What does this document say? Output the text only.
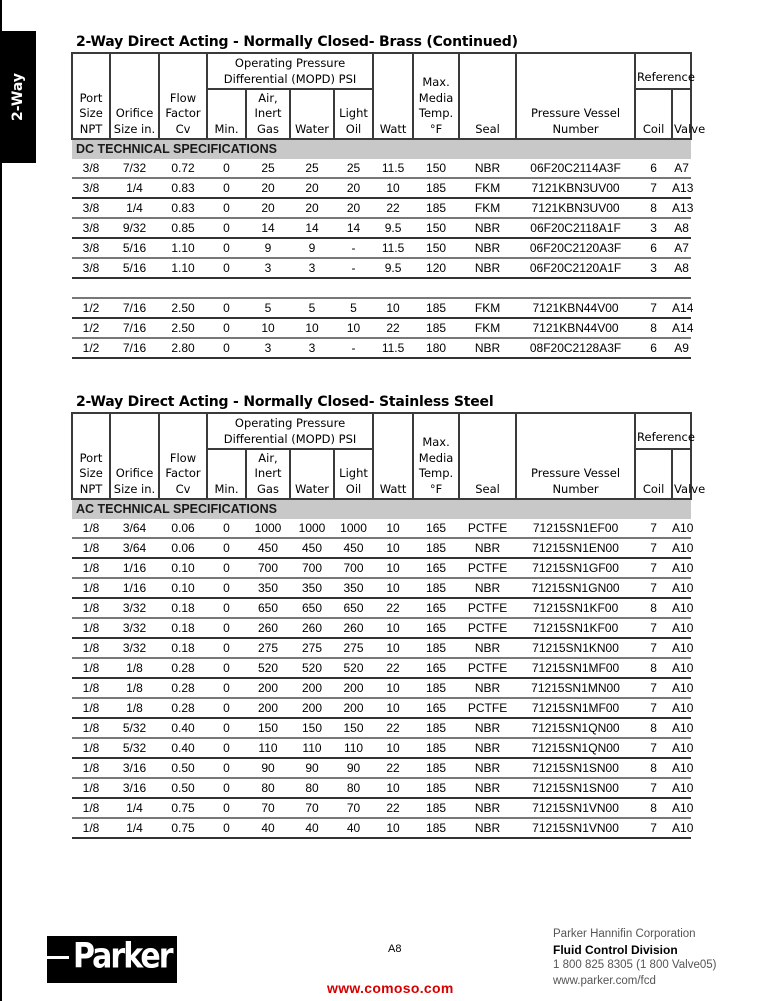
2-Way
2-Way Direct Acting - Normally Closed- Brass (Continued)
Port Size NPT	Orifice Size in.	Flow Factor Cv	Operating Pressure Differential (MOPD) PSI				Watt	Max. Media Temp. °F	Seal	Pressure Vessel Number	Reference	
			Min.	Air, Inert Gas	Water	Light Oil					Coil	Valve
DC TECHNICAL SPECIFICATIONS												
3/8	7/32	0.72	0	25	25	25	11.5	150	NBR	06F20C2114A3F	6	A7
3/8	1/4	0.83	0	20	20	20	10	185	FKM	7121KBN3UV00	7	A13
3/8	1/4	0.83	0	20	20	20	22	185	FKM	7121KBN3UV00	8	A13
3/8	9/32	0.85	0	14	14	14	9.5	150	NBR	06F20C2118A1F	3	A8
3/8	5/16	1.10	0	9	9	-	11.5	150	NBR	06F20C2120A3F	6	A7
3/8	5/16	1.10	0	3	3	-	9.5	120	NBR	06F20C2120A1F	3	A8

1/2	7/16	2.50	0	5	5	5	10	185	FKM	7121KBN44V00	7	A14
1/2	7/16	2.50	0	10	10	10	22	185	FKM	7121KBN44V00	8	A14
1/2	7/16	2.80	0	3	3	-	11.5	180	NBR	08F20C2128A3F	6	A9
2-Way Direct Acting - Normally Closed- Stainless Steel
Port Size NPT	Orifice Size in.	Flow Factor Cv	Operating Pressure Differential (MOPD) PSI				Watt	Max. Media Temp. °F	Seal	Pressure Vessel Number	Reference	
			Min.	Air, Inert Gas	Water	Light Oil					Coil	Valve
AC TECHNICAL SPECIFICATIONS												
1/8	3/64	0.06	0	1000	1000	1000	10	165	PCTFE	71215SN1EF00	7	A10
1/8	3/64	0.06	0	450	450	450	10	185	NBR	71215SN1EN00	7	A10
1/8	1/16	0.10	0	700	700	700	10	165	PCTFE	71215SN1GF00	7	A10
1/8	1/16	0.10	0	350	350	350	10	185	NBR	71215SN1GN00	7	A10
1/8	3/32	0.18	0	650	650	650	22	165	PCTFE	71215SN1KF00	8	A10
1/8	3/32	0.18	0	260	260	260	10	165	PCTFE	71215SN1KF00	7	A10
1/8	3/32	0.18	0	275	275	275	10	185	NBR	71215SN1KN00	7	A10
1/8	1/8	0.28	0	520	520	520	22	165	PCTFE	71215SN1MF00	8	A10
1/8	1/8	0.28	0	200	200	200	10	185	NBR	71215SN1MN00	7	A10
1/8	1/8	0.28	0	200	200	200	10	165	PCTFE	71215SN1MF00	7	A10
1/8	5/32	0.40	0	150	150	150	22	185	NBR	71215SN1QN00	8	A10
1/8	5/32	0.40	0	110	110	110	10	185	NBR	71215SN1QN00	7	A10
1/8	3/16	0.50	0	90	90	90	22	185	NBR	71215SN1SN00	8	A10
1/8	3/16	0.50	0	80	80	80	10	185	NBR	71215SN1SN00	7	A10
1/8	1/4	0.75	0	70	70	70	22	185	NBR	71215SN1VN00	8	A10
1/8	1/4	0.75	0	40	40	40	10	185	NBR	71215SN1VN00	7	A10
Parker	A8
www.comoso.com
Parker Hannifin Corporation
Fluid Control Division
1 800 825 8305 (1 800 Valve05)
www.parker.com/fcd
